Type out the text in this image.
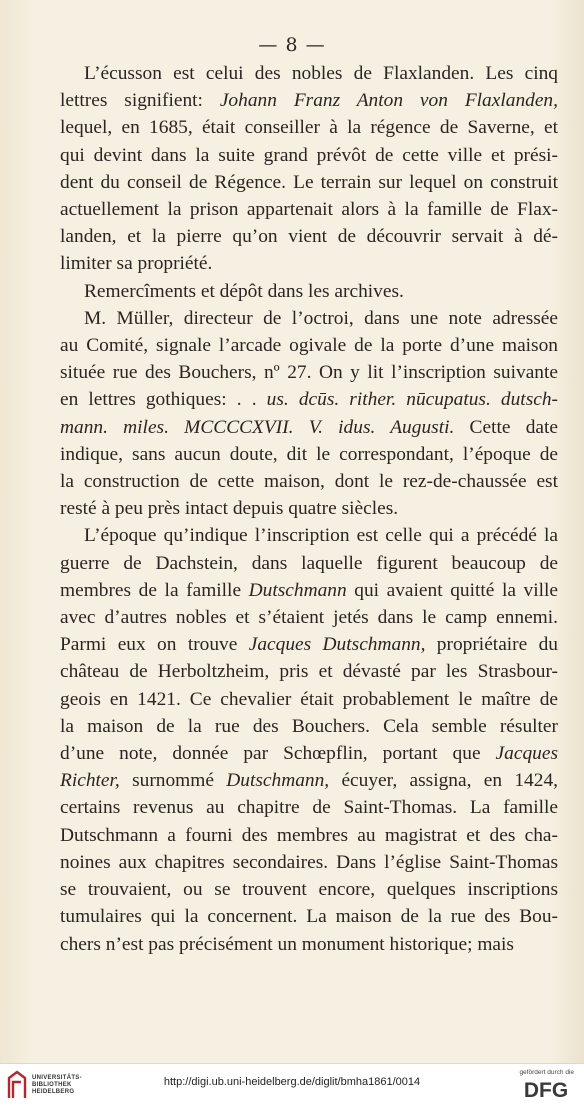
— 8 —

L’écusson est celui des nobles de Flaxlanden. Les cinq
lettres signifient: Johann Franz Anton von Flaxlanden,
lequel, en 1685, était conseiller à la régence de Saverne, et
qui devint dans la suite grand prévôt de cette ville et prési-
dent du conseil de Régence. Le terrain sur lequel on construit
actuellement la prison appartenait alors à la famille de Flax-
landen, et la pierre qu’on vient de découvrir servait à dé-
limiter sa propriété.

Remercîments et dépôt dans les archives.

M. Müller, directeur de l’octroi, dans une note adressée
au Comité, signale l’arcade ogivale de la porte d’une maison
située rue des Bouchers, nº 27. On y lit l’inscription suivante
en lettres gothiques: . . us. dcūs. rither. nūcupatus. dutsch-
mann. miles. MCCCCXVII. V. idus. Augusti. Cette date
indique, sans aucun doute, dit le correspondant, l’époque de
la construction de cette maison, dont le rez-de-chaussée est
resté à peu près intact depuis quatre siècles.

L’époque qu’indique l’inscription est celle qui a précédé la
guerre de Dachstein, dans laquelle figurent beaucoup de
membres de la famille Dutschmann qui avaient quitté la ville
avec d’autres nobles et s’étaient jetés dans le camp ennemi.
Parmi eux on trouve Jacques Dutschmann, propriétaire du
château de Herboltzheim, pris et dévasté par les Strasbour-
geois en 1421. Ce chevalier était probablement le maître de
la maison de la rue des Bouchers. Cela semble résulter
d’une note, donnée par Schœpflin, portant que Jacques
Richter, surnommé Dutschmann, écuyer, assigna, en 1424,
certains revenus au chapitre de Saint-Thomas. La famille
Dutschmann a fourni des membres au magistrat et des cha-
noines aux chapitres secondaires. Dans l’église Saint-Thomas
se trouvaient, ou se trouvent encore, quelques inscriptions
tumulaires qui la concernent. La maison de la rue des Bou-
chers n’est pas précisément un monument historique; mais

UNIVERSITÄTS-
BIBLIOTHEK
HEIDELBERG
http://digi.ub.uni-heidelberg.de/diglit/bmha1861/0014
gefördert durch die
DFG
